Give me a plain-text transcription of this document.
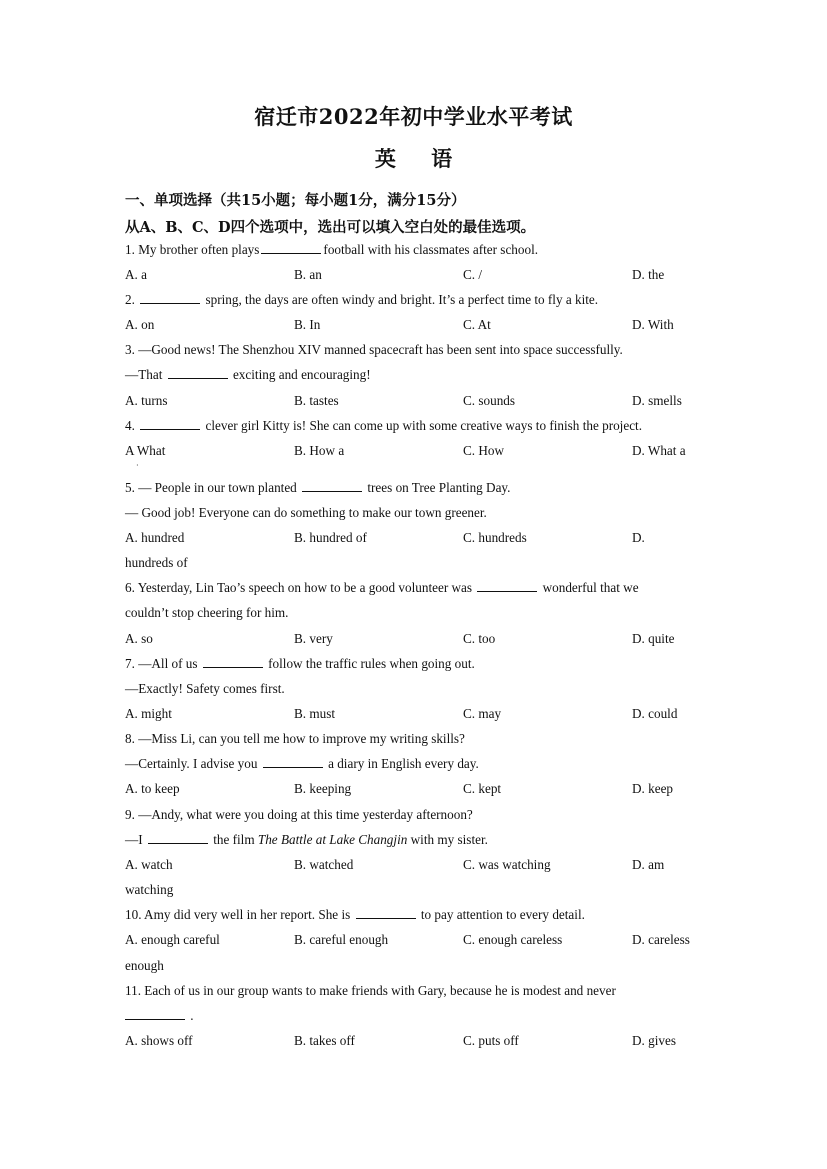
宿迁市2022年初中学业水平考试
英 语
一、单项选择（共15小题；每小题1分，满分15分）
从A、B、C、D四个选项中，选出可以填入空白处的最佳选项。
1. My brother often plays	football with his classmates after school.
A. a	B. an	C. /	D. the
2.	spring, the days are often windy and bright. It’s a perfect time to fly a kite.
A. on	B. In	C. At	D. With
3. —Good news! The Shenzhou XIV manned spacecraft has been sent into space successfully.
—That	exciting and encouraging!
A. turns	B. tastes	C. sounds	D. smells
4.	clever girl Kitty is! She can come up with some creative ways to finish the project.
A What	B. How a	C. How	D. What a
·
5. — People in our town planted	trees on Tree Planting Day.
— Good job! Everyone can do something to make our town greener.
A. hundred	B. hundred of	C. hundreds	D.
hundreds of
6. Yesterday, Lin Tao’s speech on how to be a good volunteer was	wonderful that we
couldn’t stop cheering for him.
A. so	B. very	C. too	D. quite
7. —All of us	follow the traffic rules when going out.
—Exactly! Safety comes first.
A. might	B. must	C. may	D. could
8. —Miss Li, can you tell me how to improve my writing skills?
—Certainly. I advise you	a diary in English every day.
A. to keep	B. keeping	C. kept	D. keep
9. —Andy, what were you doing at this time yesterday afternoon?
—I	the film The Battle at Lake Changjin with my sister.
A. watch	B. watched	C. was watching	D. am
watching
10. Amy did very well in her report. She is	to pay attention to every detail.
A. enough careful	B. careful enough	C. enough careless	D. careless
enough
11. Each of us in our group wants to make friends with Gary, because he is modest and never
.
A. shows off	B. takes off	C. puts off	D. gives
